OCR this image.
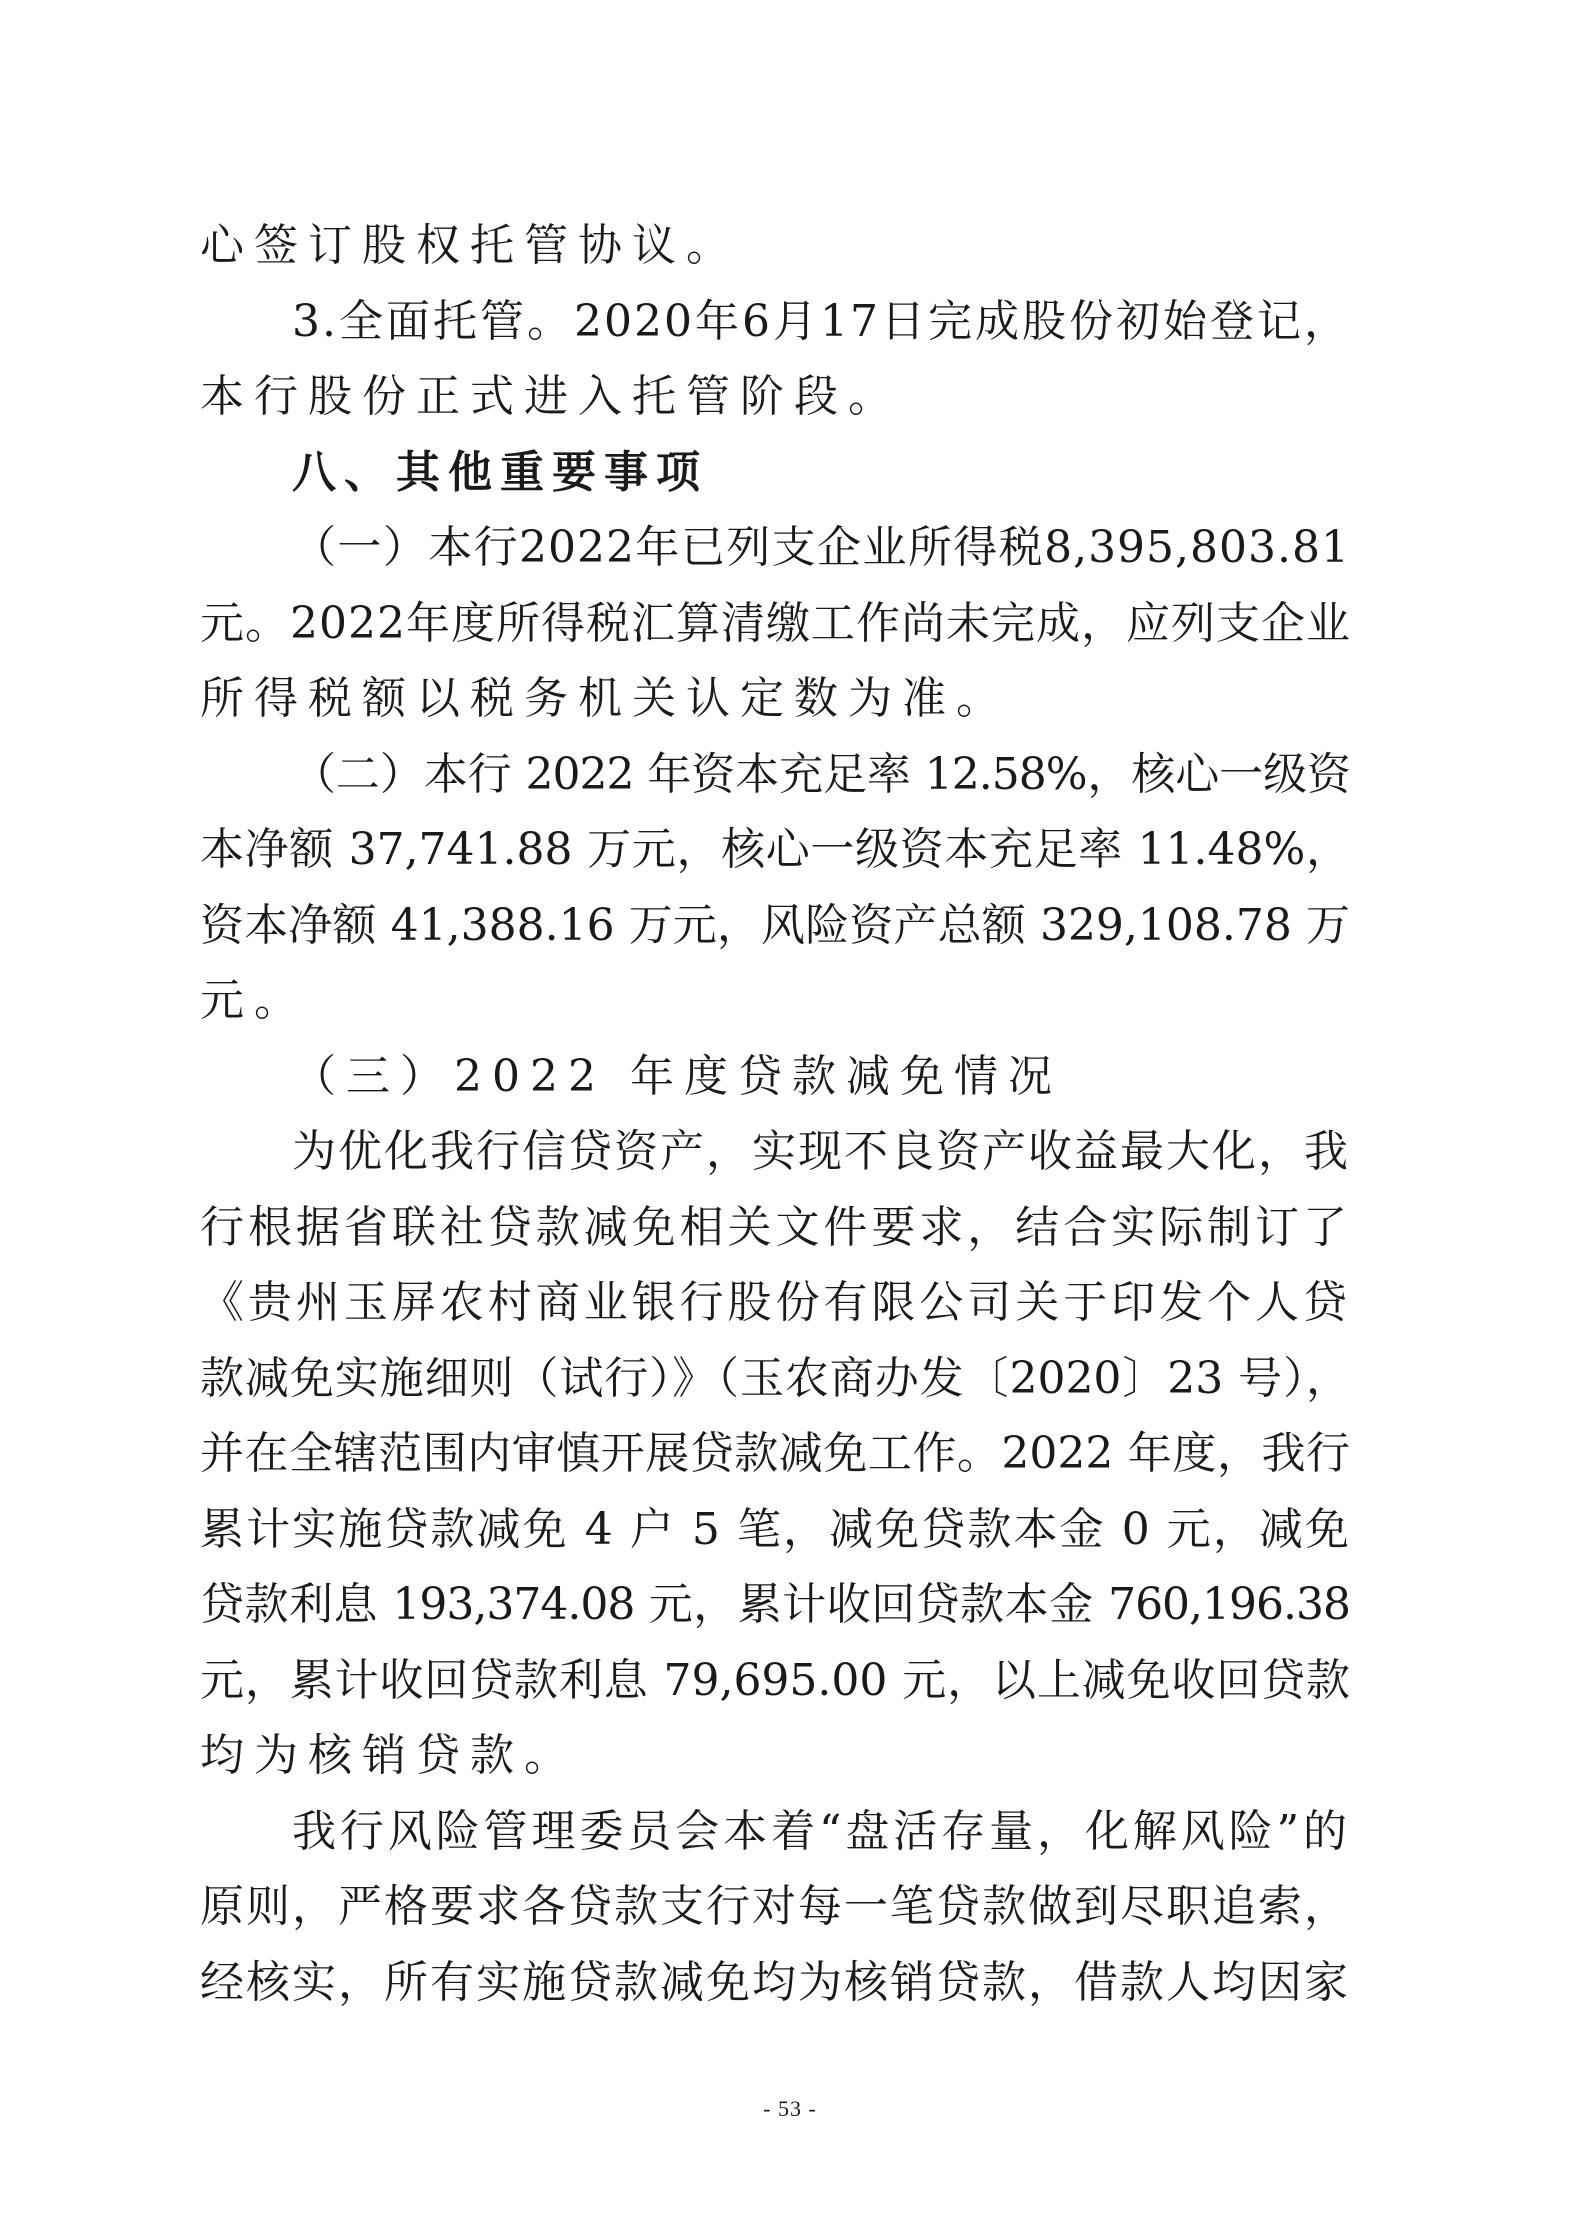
心签订股权托管协议。
3.全面托管。2020年6月17日完成股份初始登记，
本行股份正式进入托管阶段。
八、其他重要事项
（一）本行2022年已列支企业所得税8,395,803.81
元。2022年度所得税汇算清缴工作尚未完成，应列支企业
所得税额以税务机关认定数为准。
（二）本行 2022 年资本充足率 12.58%，核心一级资
本净额 37,741.88 万元，核心一级资本充足率 11.48%，
资本净额 41,388.16 万元，风险资产总额 329,108.78 万
元。
（三）2022 年度贷款减免情况
为优化我行信贷资产，实现不良资产收益最大化，我
行根据省联社贷款减免相关文件要求，结合实际制订了
《贵州玉屏农村商业银行股份有限公司关于印发个人贷
款减免实施细则（试行）》（玉农商办发〔2020〕23 号），
并在全辖范围内审慎开展贷款减免工作。2022 年度，我行
累计实施贷款减免 4 户 5 笔，减免贷款本金 0 元，减免
贷款利息 193,374.08 元，累计收回贷款本金 760,196.38
元，累计收回贷款利息 79,695.00 元，以上减免收回贷款
均为核销贷款。
我行风险管理委员会本着“盘活存量，化解风险”的
原则，严格要求各贷款支行对每一笔贷款做到尽职追索，
经核实，所有实施贷款减免均为核销贷款，借款人均因家
- 53 -
